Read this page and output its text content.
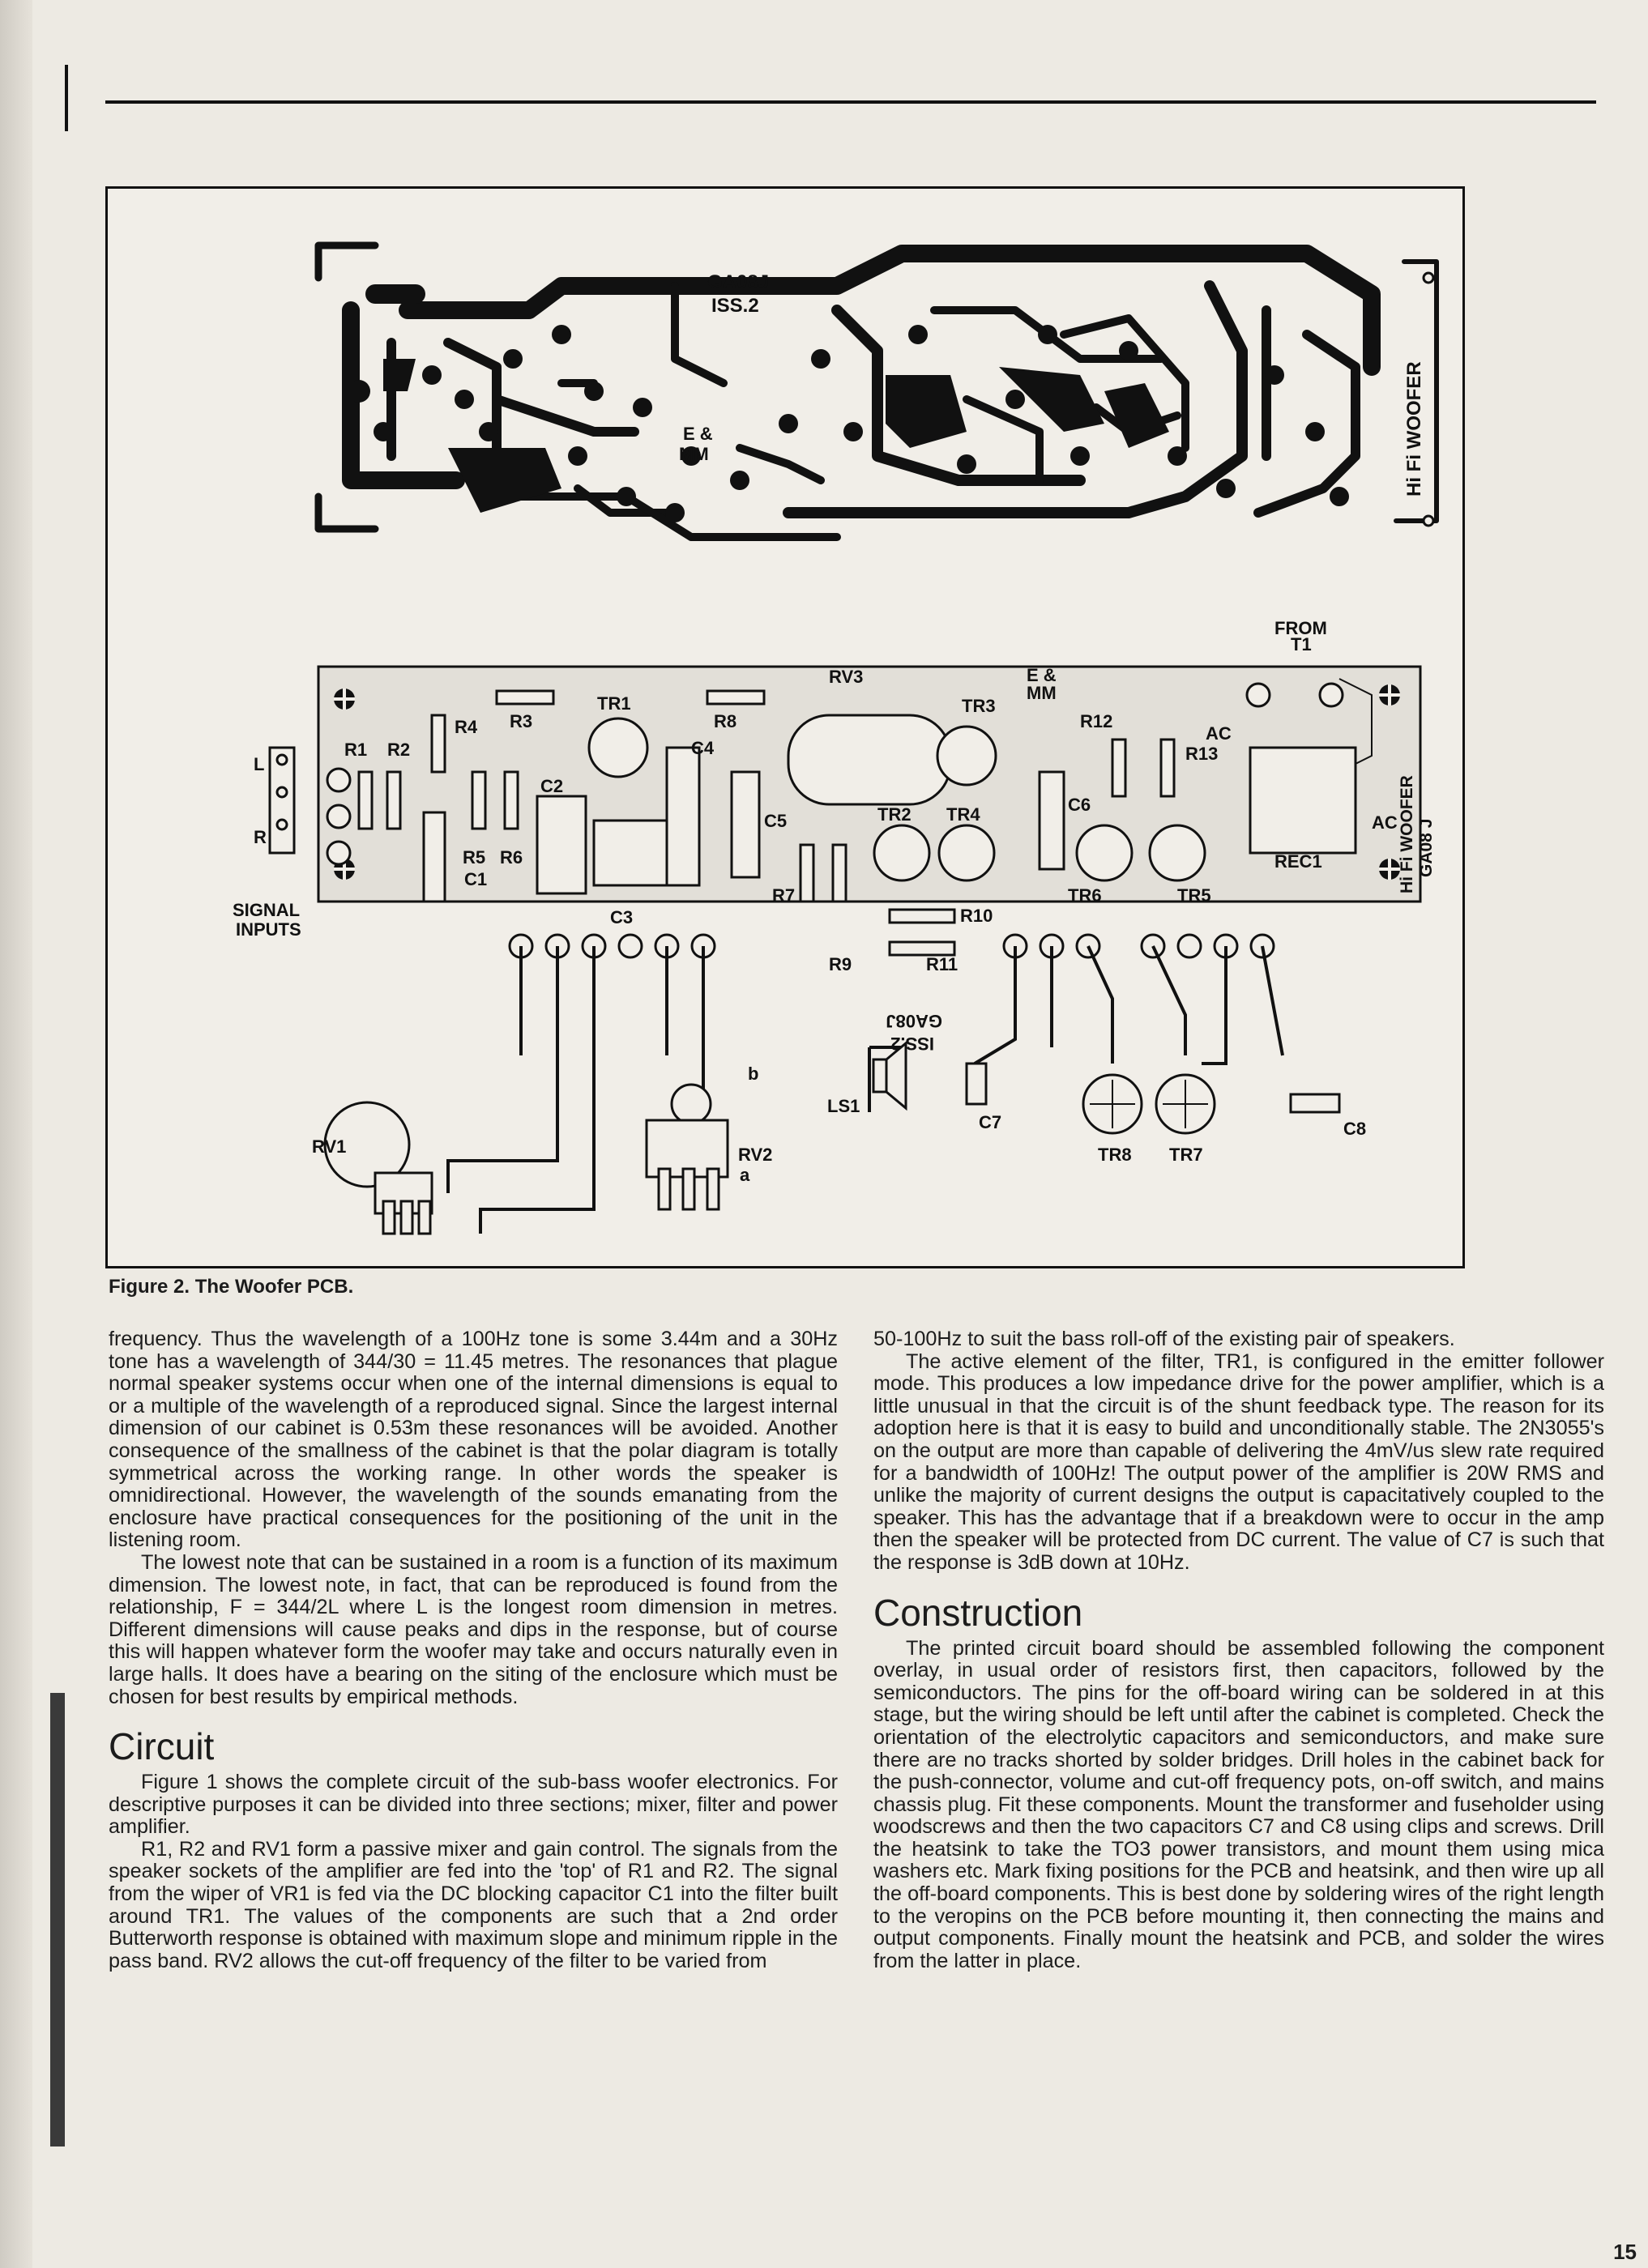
GA08J
ISS.2
E &
MM	Hi Fi WOOFER
R1 R2
R4 R3
R5 R6
C1
C2
C3
TR1
C4
R8
C5
RV3
TR3
R7
R9
R10
R11
TR2 TR4	C6
R12
R13
TR6	TR5
REC1
AC
AC
FROM
T1
E &
MM
L
R
SIGNAL
INPUTS
RV1	RV2
a
b
LS1
C7
TR8 TR7
C8
GA08J
ISS.2
Hi Fi WOOFER GA08 J
Figure 2. The Woofer PCB.

frequency. Thus the wavelength of a 100Hz tone is some 3.44m and a 30Hz tone has a wavelength of 344/30 = 11.45 metres. The resonances that plague normal speaker systems occur when one of the internal dimensions is equal to or a multiple of the wavelength of a reproduced signal. Since the largest internal dimension of our cabinet is 0.53m these resonances will be avoided. Another consequence of the smallness of the cabinet is that the polar diagram is totally symmetrical across the working range. In other words the speaker is omnidirectional. However, the wavelength of the sounds emanating from the enclosure have practical consequences for the positioning of the unit in the listening room.

The lowest note that can be sustained in a room is a function of its maximum dimension. The lowest note, in fact, that can be reproduced is found from the relationship, F = 344/2L where L is the longest room dimension in metres. Different dimensions will cause peaks and dips in the response, but of course this will happen whatever form the woofer may take and occurs naturally even in large halls. It does have a bearing on the siting of the enclosure which must be chosen for best results by empirical methods.

Circuit

Figure 1 shows the complete circuit of the sub-bass woofer electronics. For descriptive purposes it can be divided into three sections; mixer, filter and power amplifier.

R1, R2 and RV1 form a passive mixer and gain control. The signals from the speaker sockets of the amplifier are fed into the 'top' of R1 and R2. The signal from the wiper of VR1 is fed via the DC blocking capacitor C1 into the filter built around TR1. The values of the components are such that a 2nd order Butterworth response is obtained with maximum slope and minimum ripple in the pass band. RV2 allows the cut-off frequency of the filter to be varied from

50-100Hz to suit the bass roll-off of the existing pair of speakers.

The active element of the filter, TR1, is configured in the emitter follower mode. This produces a low impedance drive for the power amplifier, which is a little unusual in that the circuit is of the shunt feedback type. The reason for its adoption here is that it is easy to build and unconditionally stable. The 2N3055's on the output are more than capable of delivering the 4mV/us slew rate required for a bandwidth of 100Hz! The output power of the amplifier is 20W RMS and unlike the majority of current designs the output is capacitatively coupled to the speaker. This has the advantage that if a breakdown were to occur in the amp then the speaker will be protected from DC current. The value of C7 is such that the response is 3dB down at 10Hz.

Construction

The printed circuit board should be assembled following the component overlay, in usual order of resistors first, then capacitors, followed by the semiconductors. The pins for the off-board wiring can be soldered in at this stage, but the wiring should be left until after the cabinet is completed. Check the orientation of the electrolytic capacitors and semiconductors, and make sure there are no tracks shorted by solder bridges. Drill holes in the cabinet back for the push-connector, volume and cut-off frequency pots, on-off switch, and mains chassis plug. Fit these components. Mount the transformer and fuseholder using woodscrews and then the two capacitors C7 and C8 using clips and screws. Drill the heatsink to take the TO3 power transistors, and mount them using mica washers etc. Mark fixing positions for the PCB and heatsink, and then wire up all the off-board components. This is best done by soldering wires of the right length to the veropins on the PCB before mounting it, then connecting the mains and output components. Finally mount the heatsink and PCB, and solder the wires from the latter in place.

15
